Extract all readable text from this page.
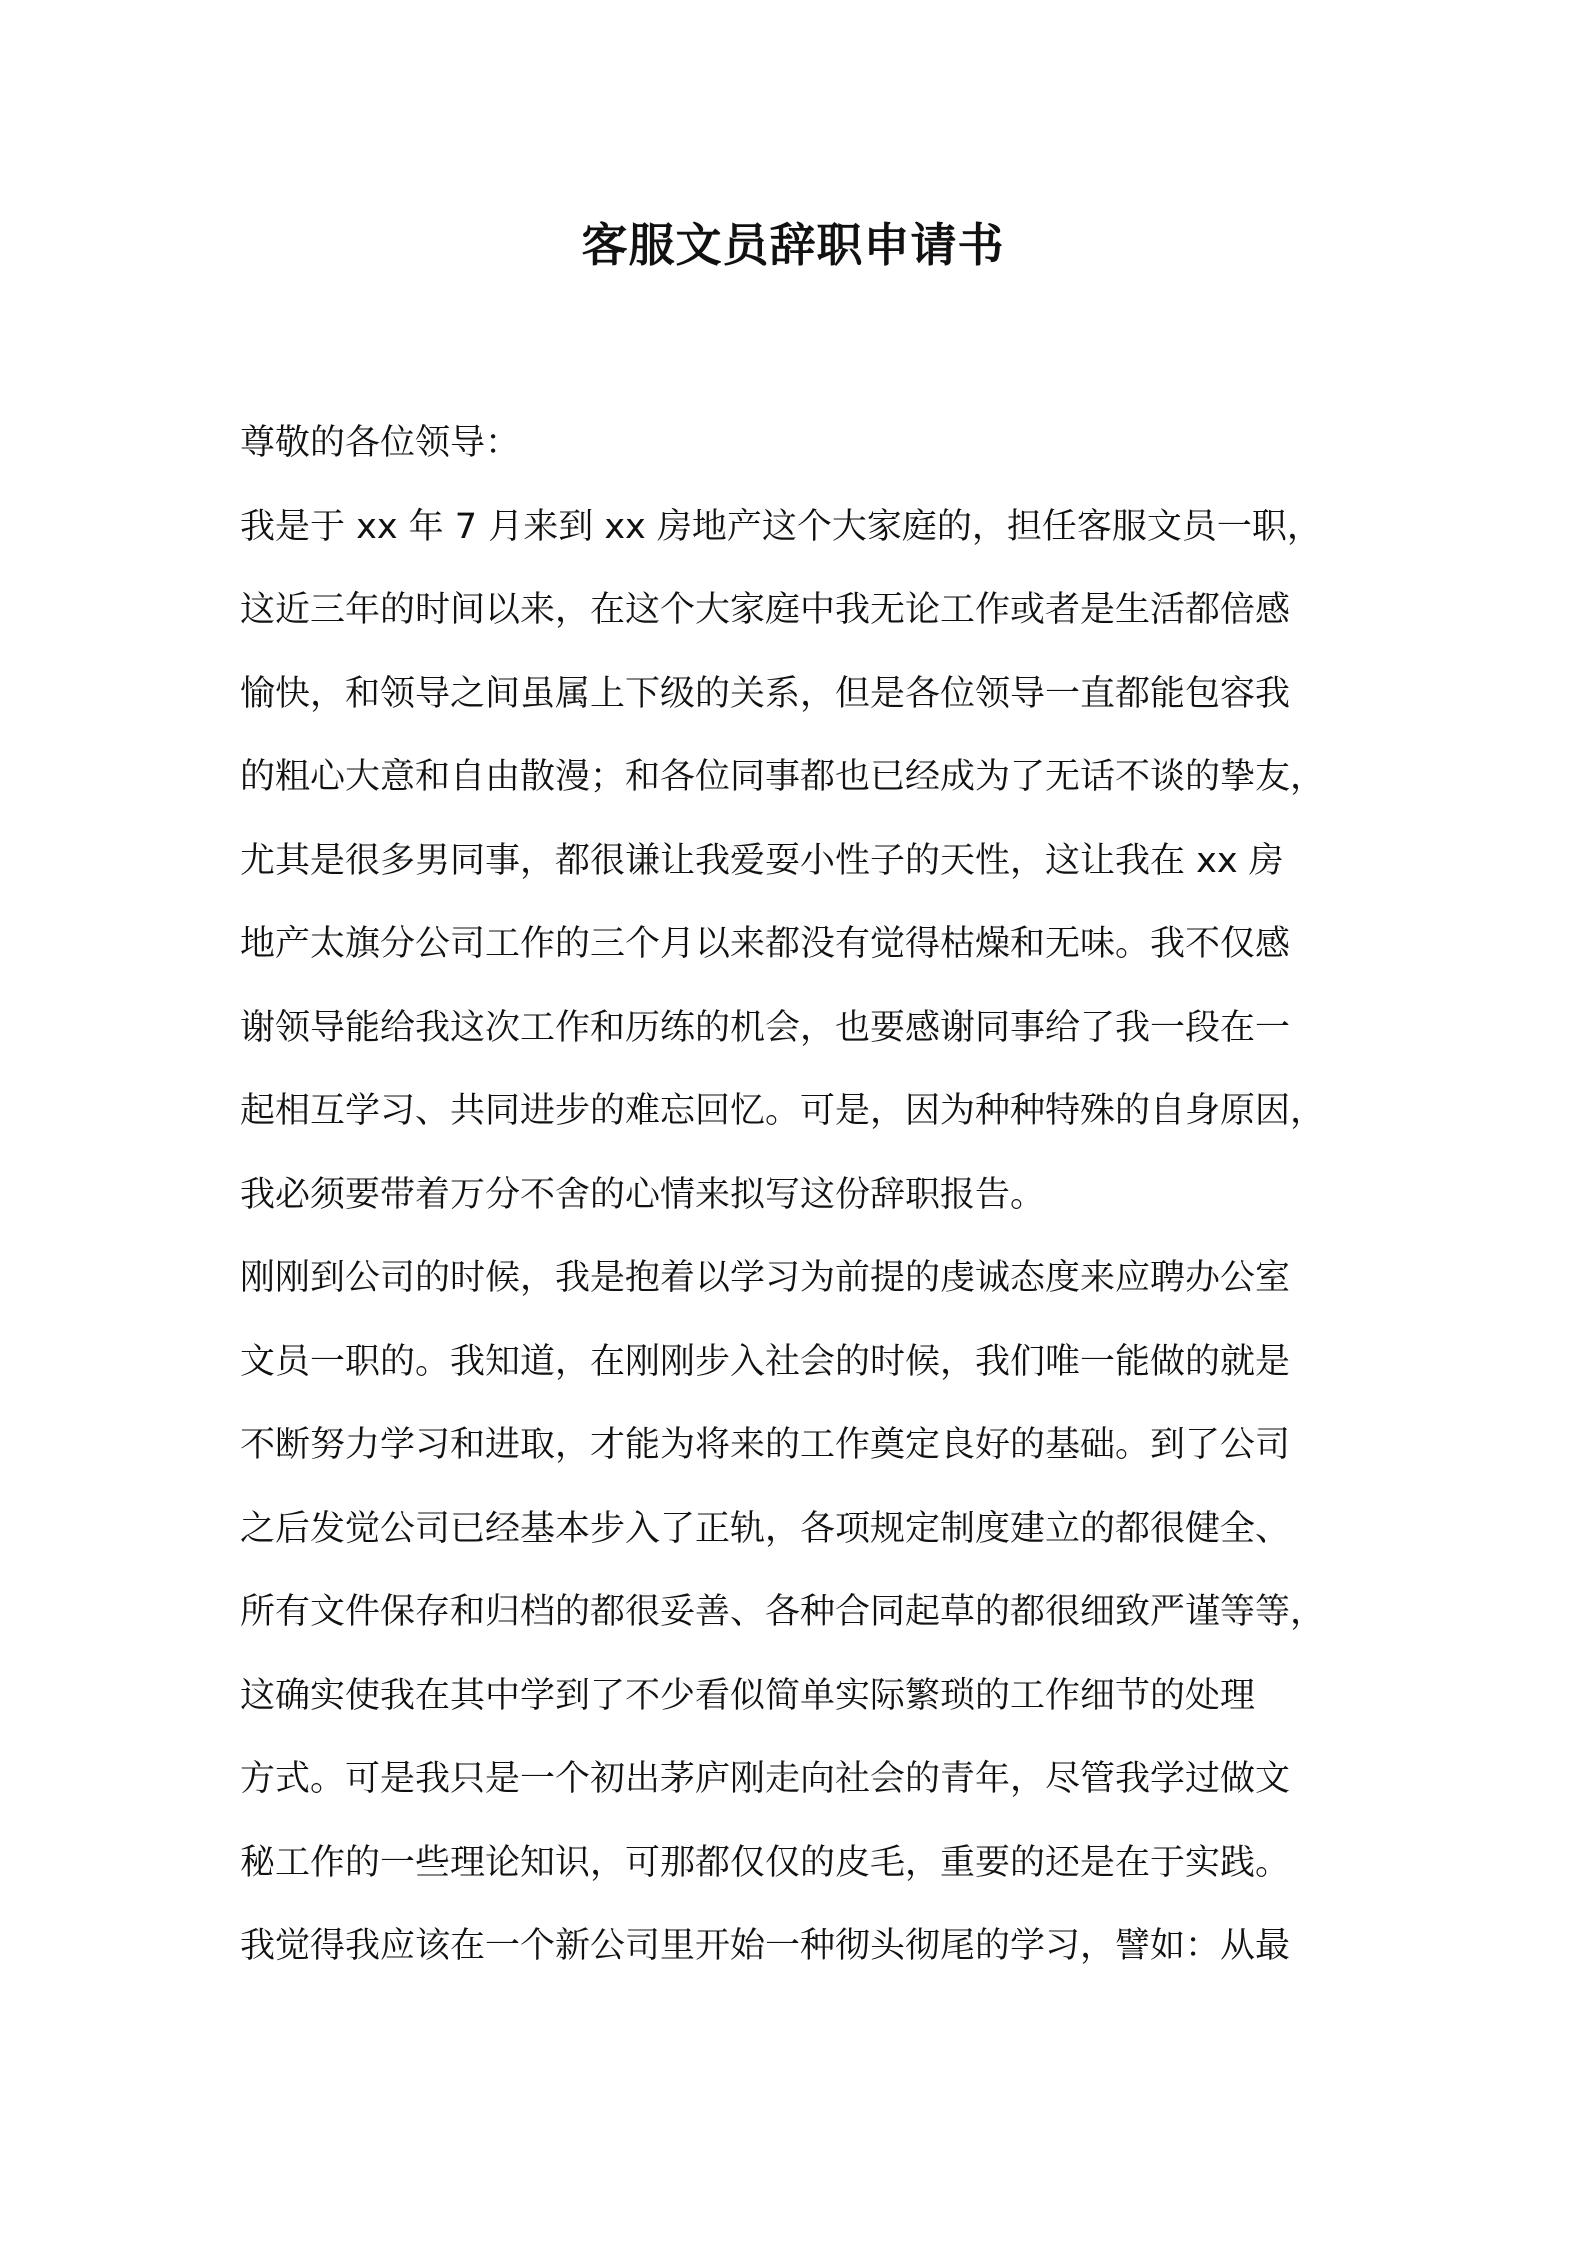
客服文员辞职申请书
尊敬的各位领导：
我是于 xx 年 7 月来到 xx 房地产这个大家庭的，担任客服文员一职，
这近三年的时间以来，在这个大家庭中我无论工作或者是生活都倍感
愉快，和领导之间虽属上下级的关系，但是各位领导一直都能包容我
的粗心大意和自由散漫；和各位同事都也已经成为了无话不谈的挚友，
尤其是很多男同事，都很谦让我爱耍小性子的天性，这让我在 xx 房
地产太旗分公司工作的三个月以来都没有觉得枯燥和无味。我不仅感
谢领导能给我这次工作和历练的机会，也要感谢同事给了我一段在一
起相互学习、共同进步的难忘回忆。可是，因为种种特殊的自身原因，
我必须要带着万分不舍的心情来拟写这份辞职报告。
刚刚到公司的时候，我是抱着以学习为前提的虔诚态度来应聘办公室
文员一职的。我知道，在刚刚步入社会的时候，我们唯一能做的就是
不断努力学习和进取，才能为将来的工作奠定良好的基础。到了公司
之后发觉公司已经基本步入了正轨，各项规定制度建立的都很健全、
所有文件保存和归档的都很妥善、各种合同起草的都很细致严谨等等，
这确实使我在其中学到了不少看似简单实际繁琐的工作细节的处理
方式。可是我只是一个初出茅庐刚走向社会的青年，尽管我学过做文
秘工作的一些理论知识，可那都仅仅的皮毛，重要的还是在于实践。
我觉得我应该在一个新公司里开始一种彻头彻尾的学习，譬如：从最
